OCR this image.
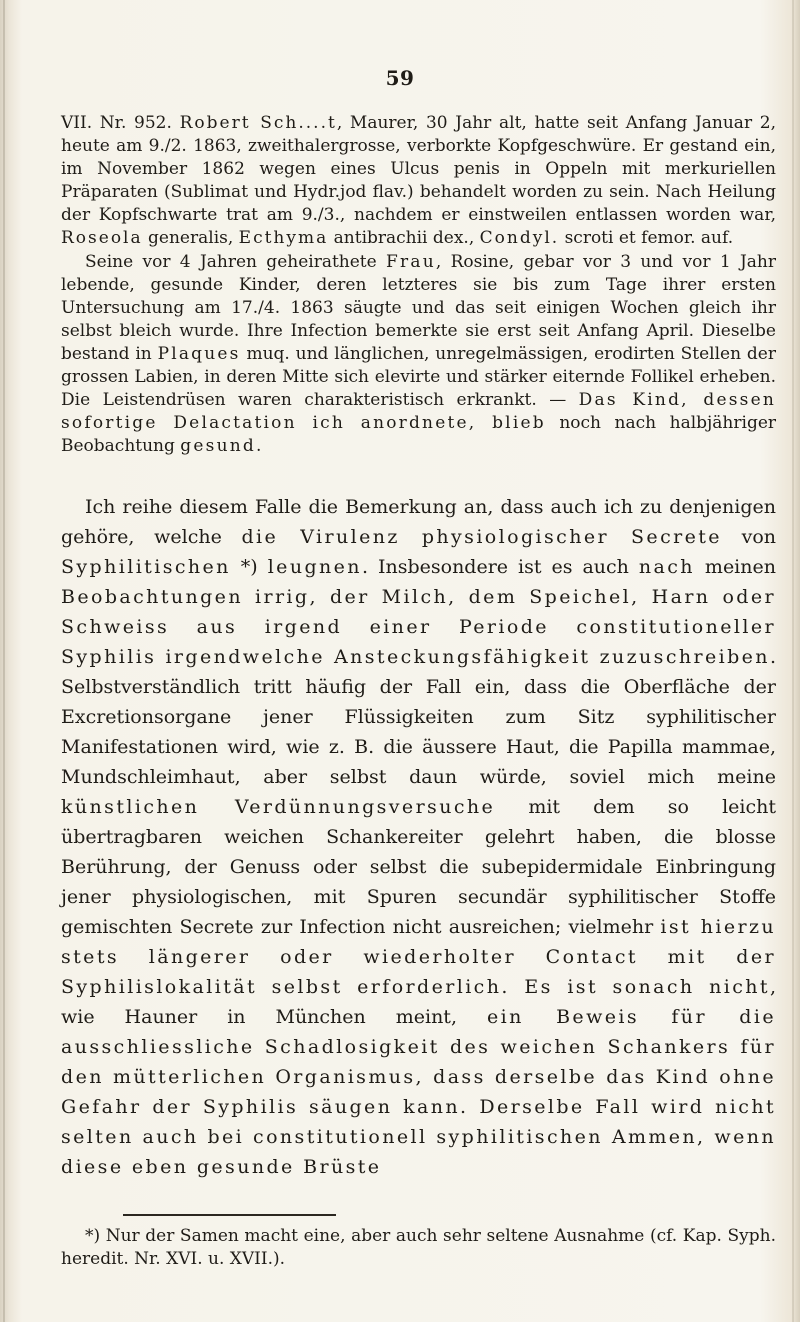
59

VII. Nr. 952. Robert Sch....t, Maurer, 30 Jahr alt, hatte seit Anfang Januar 2, heute am 9./2. 1863, zweithalergrosse, verborkte Kopfgeschwüre. Er gestand ein, im November 1862 wegen eines Ulcus penis in Oppeln mit merkuriellen Präparaten (Sublimat und Hydr.jod flav.) behandelt worden zu sein. Nach Heilung der Kopfschwarte trat am 9./3., nachdem er einstweilen entlassen worden war, Roseola generalis, Ecthyma antibrachii dex., Condyl. scroti et femor. auf.

Seine vor 4 Jahren geheirathete Frau, Rosine, gebar vor 3 und vor 1 Jahr lebende, gesunde Kinder, deren letzteres sie bis zum Tage ihrer ersten Untersuchung am 17./4. 1863 säugte und das seit einigen Wochen gleich ihr selbst bleich wurde. Ihre Infection bemerkte sie erst seit Anfang April. Dieselbe bestand in Plaques muq. und länglichen, unregelmässigen, erodirten Stellen der grossen Labien, in deren Mitte sich elevirte und stärker eiternde Follikel erheben. Die Leistendrüsen waren charakteristisch erkrankt. — Das Kind, dessen sofortige Delactation ich anordnete, blieb noch nach halbjähriger Beobachtung gesund.

Ich reihe diesem Falle die Bemerkung an, dass auch ich zu denjenigen gehöre, welche die Virulenz physiologischer Secrete von Syphilitischen *) leugnen. Insbesondere ist es auch nach meinen Beobachtungen irrig, der Milch, dem Speichel, Harn oder Schweiss aus irgend einer Periode constitutioneller Syphilis irgendwelche Ansteckungsfähigkeit zuzuschreiben. Selbstverständlich tritt häufig der Fall ein, dass die Oberfläche der Excretionsorgane jener Flüssigkeiten zum Sitz syphilitischer Manifestationen wird, wie z. B. die äussere Haut, die Papilla mammae, Mundschleimhaut, aber selbst daun würde, soviel mich meine künstlichen Verdünnungsversuche mit dem so leicht übertragbaren weichen Schankereiter gelehrt haben, die blosse Berührung, der Genuss oder selbst die subepidermidale Einbringung jener physiologischen, mit Spuren secundär syphilitischer Stoffe gemischten Secrete zur Infection nicht ausreichen; vielmehr ist hierzu stets längerer oder wiederholter Contact mit der Syphilislokalität selbst erforderlich. Es ist sonach nicht, wie Hauner in München meint, ein Beweis für die ausschliessliche Schadlosigkeit des weichen Schankers für den mütterlichen Organismus, dass derselbe das Kind ohne Gefahr der Syphilis säugen kann. Derselbe Fall wird nicht selten auch bei constitutionell syphilitischen Ammen, wenn diese eben gesunde Brüste

*) Nur der Samen macht eine, aber auch sehr seltene Ausnahme (cf. Kap. Syph. heredit. Nr. XVI. u. XVII.).
